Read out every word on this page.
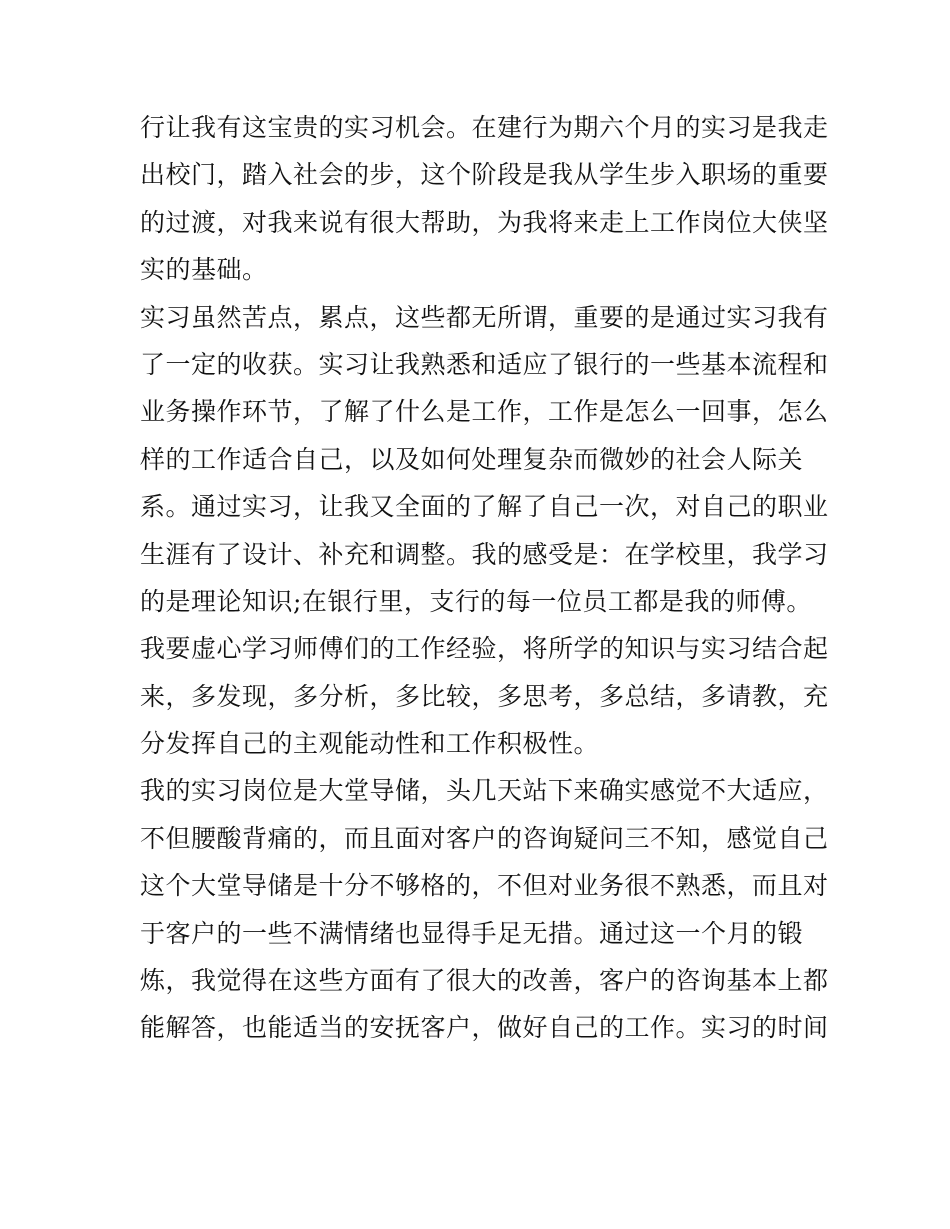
行让我有这宝贵的实习机会。在建行为期六个月的实习是我走
出校门，踏入社会的步，这个阶段是我从学生步入职场的重要
的过渡，对我来说有很大帮助，为我将来走上工作岗位大侠坚
实的基础。
实习虽然苦点，累点，这些都无所谓，重要的是通过实习我有
了一定的收获。实习让我熟悉和适应了银行的一些基本流程和
业务操作环节，了解了什么是工作，工作是怎么一回事，怎么
样的工作适合自己，以及如何处理复杂而微妙的社会人际关
系。通过实习，让我又全面的了解了自己一次，对自己的职业
生涯有了设计、补充和调整。我的感受是：在学校里，我学习
的是理论知识;在银行里，支行的每一位员工都是我的师傅。
我要虚心学习师傅们的工作经验，将所学的知识与实习结合起
来，多发现，多分析，多比较，多思考，多总结，多请教，充
分发挥自己的主观能动性和工作积极性。
我的实习岗位是大堂导储，头几天站下来确实感觉不大适应，
不但腰酸背痛的，而且面对客户的咨询疑问三不知，感觉自己
这个大堂导储是十分不够格的，不但对业务很不熟悉，而且对
于客户的一些不满情绪也显得手足无措。通过这一个月的锻
炼，我觉得在这些方面有了很大的改善，客户的咨询基本上都
能解答，也能适当的安抚客户，做好自己的工作。实习的时间
